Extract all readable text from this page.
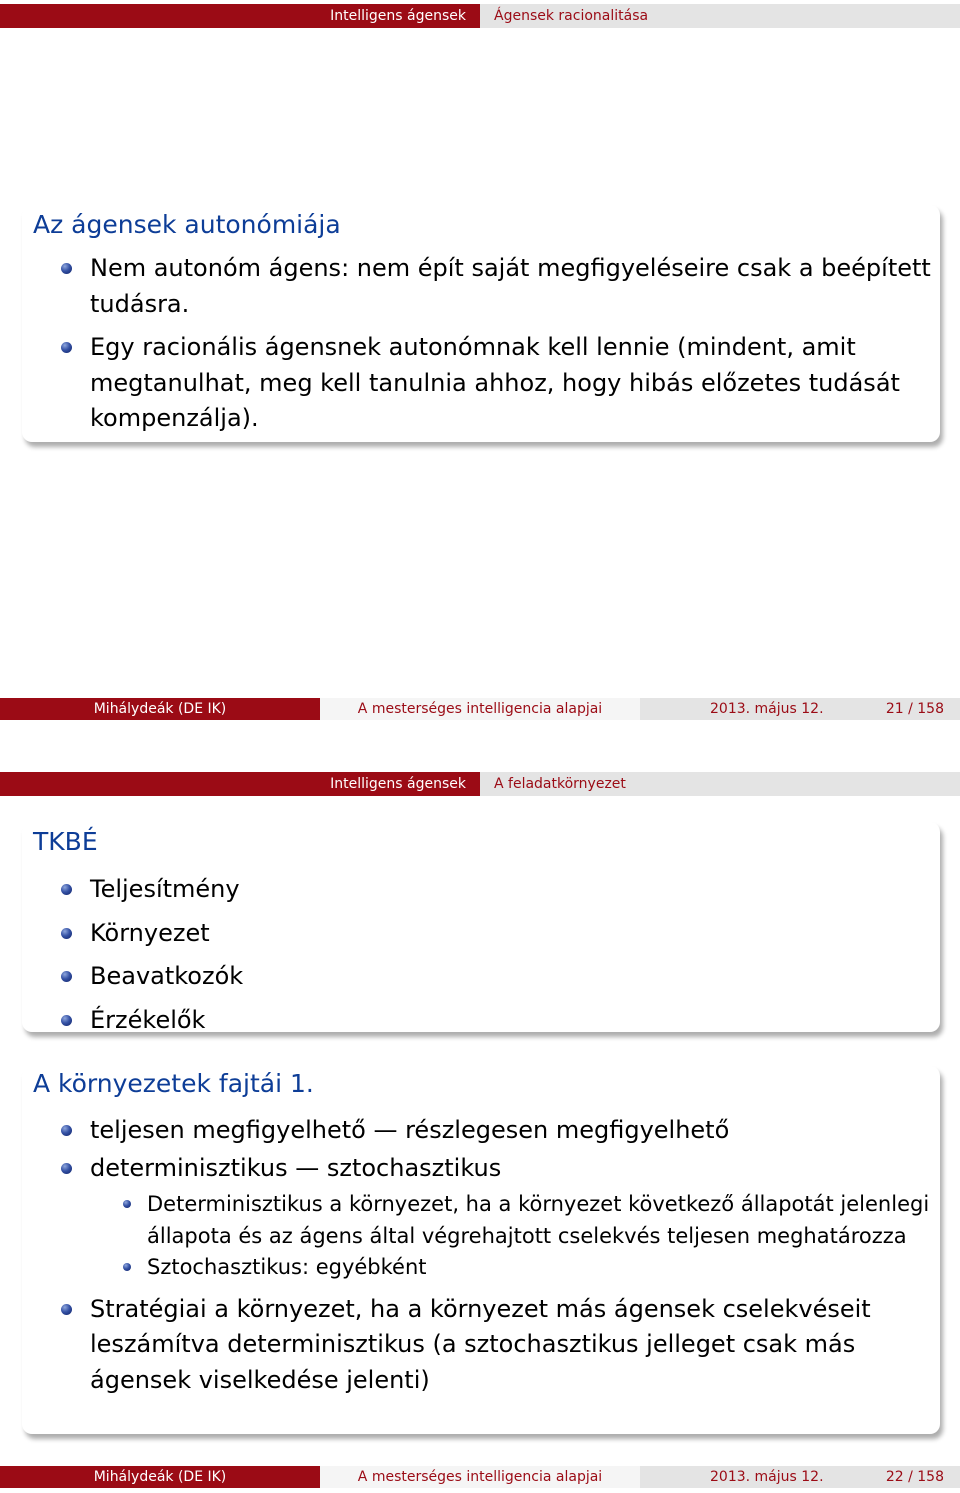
Intelligens ágensek Ágensek racionalitása
Az ágensek autonómiája
Nem autonóm ágens: nem épít saját megfigyeléseire csak a beépített tudásra.
Egy racionális ágensnek autonómnak kell lennie (mindent, amit megtanulhat, meg kell tanulnia ahhoz, hogy hibás előzetes tudását kompenzálja).
Mihálydeák (DE IK)	A mesterséges intelligencia alapjai	2013. május 12.	21 / 158
Intelligens ágensek A feladatkörnyezet
TKBÉ
Teljesítmény
Környezet
Beavatkozók
Érzékelők
A környezetek fajtái 1.
teljesen megfigyelhető — részlegesen megfigyelhető
determinisztikus — sztochasztikus
Determinisztikus a környezet, ha a környezet következő állapotát jelenlegi állapota és az ágens által végrehajtott cselekvés teljesen meghatározza
Sztochasztikus: egyébként
Stratégiai a környezet, ha a környezet más ágensek cselekvéseit leszámítva determinisztikus (a sztochasztikus jelleget csak más ágensek viselkedése jelenti)
Mihálydeák (DE IK)	A mesterséges intelligencia alapjai	2013. május 12.	22 / 158
